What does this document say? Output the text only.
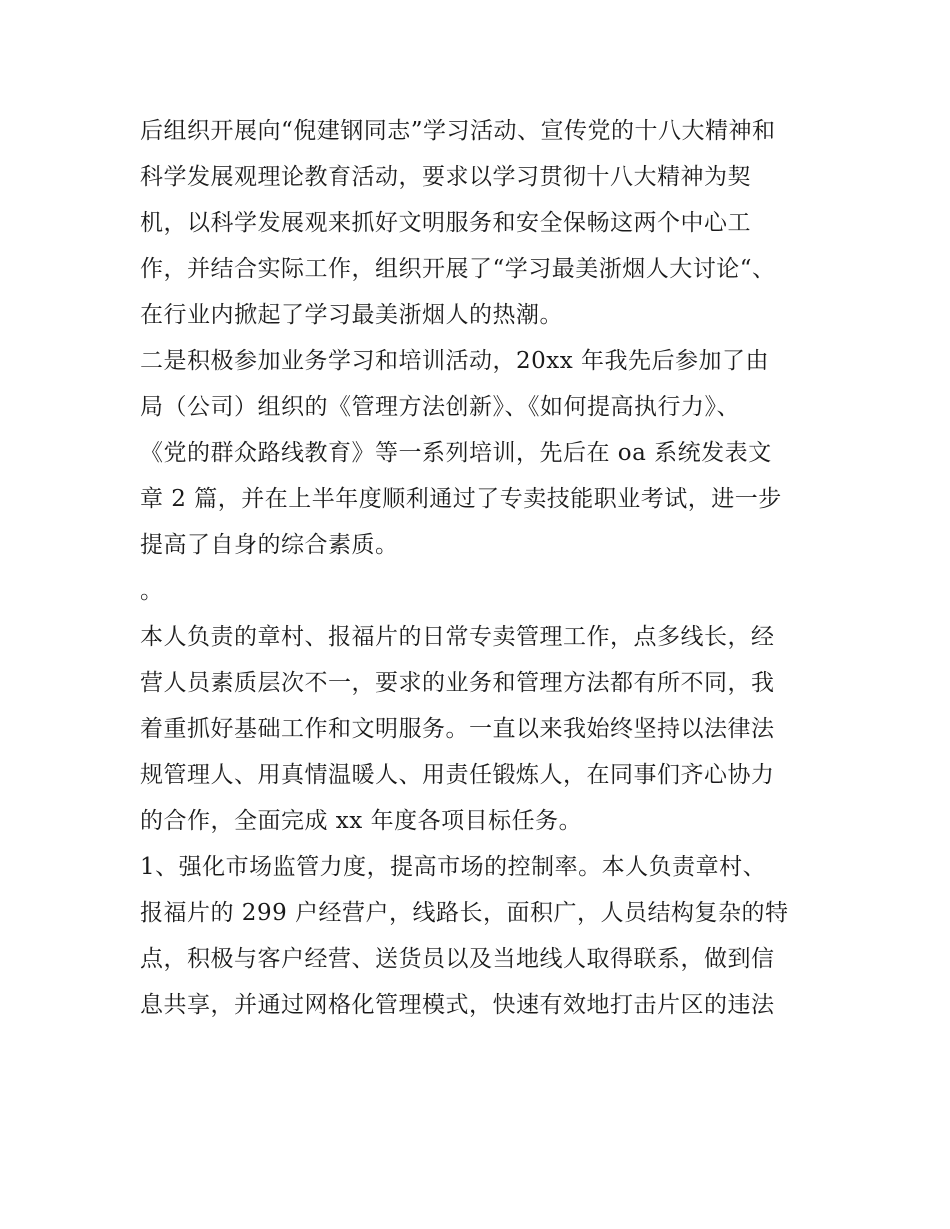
后组织开展向“倪建钢同志”学习活动、宣传党的十八大精神和

科学发展观理论教育活动，要求以学习贯彻十八大精神为契

机，以科学发展观来抓好文明服务和安全保畅这两个中心工

作，并结合实际工作，组织开展了“学习最美浙烟人大讨论“、

在行业内掀起了学习最美浙烟人的热潮。

二是积极参加业务学习和培训活动，20xx 年我先后参加了由

局（公司）组织的《管理方法创新》、《如何提高执行力》、

《党的群众路线教育》等一系列培训，先后在 oa 系统发表文

章 2 篇，并在上半年度顺利通过了专卖技能职业考试，进一步

提高了自身的综合素质。

。

本人负责的章村、报福片的日常专卖管理工作，点多线长，经

营人员素质层次不一，要求的业务和管理方法都有所不同，我

着重抓好基础工作和文明服务。一直以来我始终坚持以法律法

规管理人、用真情温暖人、用责任锻炼人，在同事们齐心协力

的合作，全面完成 xx 年度各项目标任务。

1、强化市场监管力度，提高市场的控制率。本人负责章村、

报福片的 299 户经营户，线路长，面积广，人员结构复杂的特

点，积极与客户经营、送货员以及当地线人取得联系，做到信

息共享，并通过网格化管理模式，快速有效地打击片区的违法
